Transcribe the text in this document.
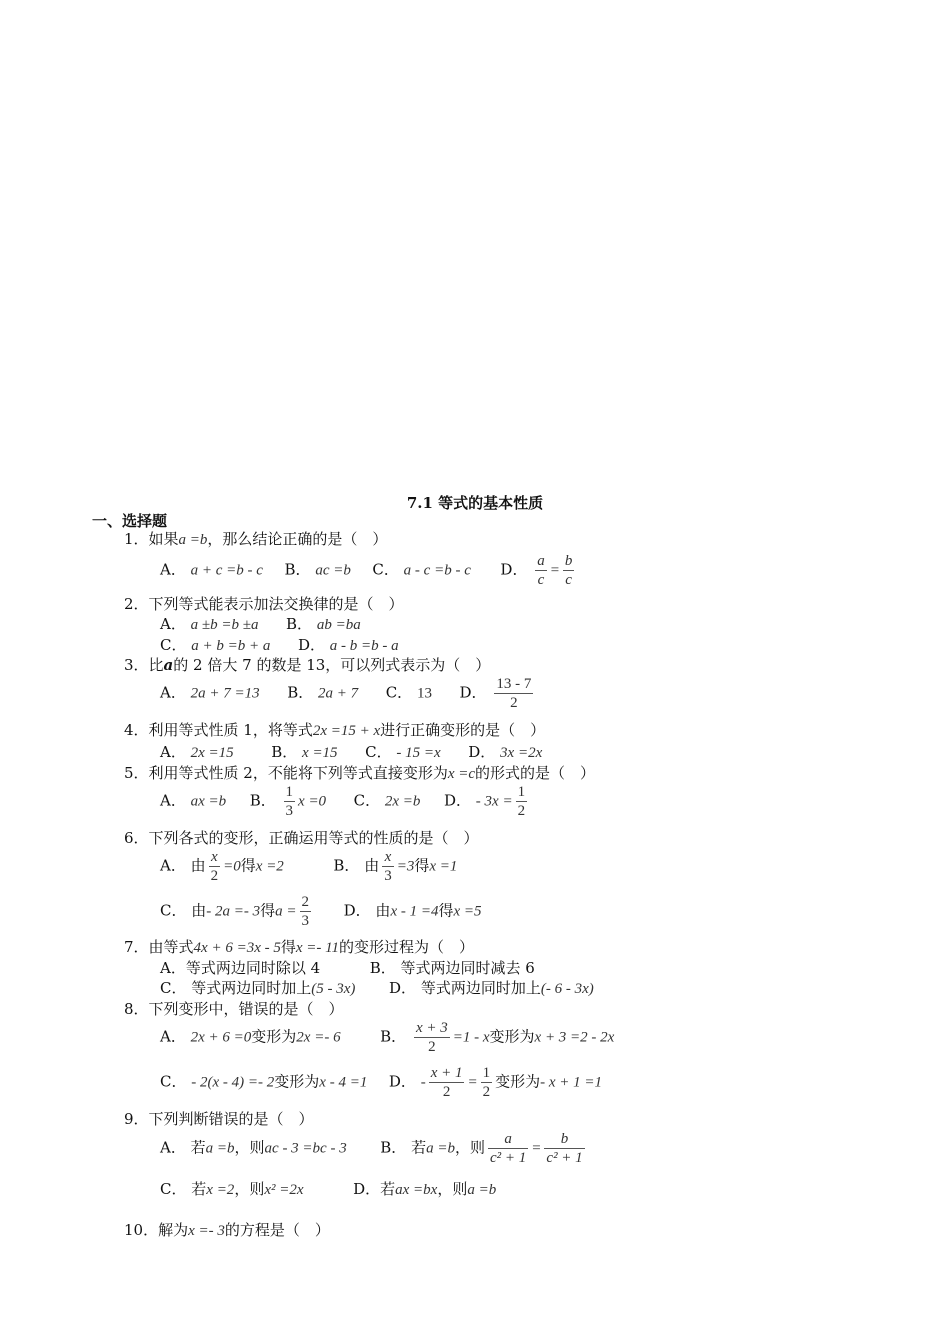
7.1 等式的基本性质
一、选择题
1．如果a =b，那么结论正确的是（　）
A． a + c =b - c B． ac =b C． a - c =b - c D． $\frac{a}{c} = \frac{b}{c}$
2．下列等式能表示加法交换律的是（　）
A． a ±b =b ±a B． ab =ba
C． a + b =b + a D． a - b =b - a
3．比a的 2 倍大 7 的数是 13，可以列式表示为（　）
A． 2a + 7 =13 B． 2a + 7 C． 13 D． $\frac{13 - 7}{2}$
4．利用等式性质 1，将等式2x =15 + x进行正确变形的是（　）
A． 2x =15	B． x =15 C． - 15 =x D． 3x =2x
5．利用等式性质 2，不能将下列等式直接变形为x =c的形式的是（　）
A． ax =b B． $\frac{1}{3}$ x =0 C． 2x =b D． - $3x = \frac{1}{2}$
6．下列各式的变形，正确运用等式的性质的是（　）
A． 由 $\frac{x}{2} =0$得x =2	B． 由 $\frac{x}{3} =3$得x =1
C． 由- 2a =- 3得$a = \frac{2}{3}$ D． 由x - 1 =4得x =5
7．由等式4x + 6 =3x - 5得x =- 11的变形过程为（　）
A．等式两边同时除以 4	B． 等式两边同时减去 6
C． 等式两边同时加上(5 - 3x) D． 等式两边同时加上(- 6 - 3x)
8．下列变形中，错误的是（　）
A． 2x + 6 =0变形为2x =- 6	B． $\frac{x + 3}{2} =1 - x$变形为x + 3 =2 - 2x
C． - 2(x - 4) =- 2变形为x - 4 =1 D． - $\frac{x + 1}{2} = \frac{1}{2}$ 变形为- x + 1 =1
9．下列判断错误的是（　）
A． 若a =b，则ac - 3 =bc - 3 B． 若a =b，则 $\frac{a}{\text{c² + 1}} = \frac{b}{\text{c² + 1}}$
C． 若x =2，则x² =2x	D．若ax =bx，则a =b
10．解为x =- 3的方程是（　）
